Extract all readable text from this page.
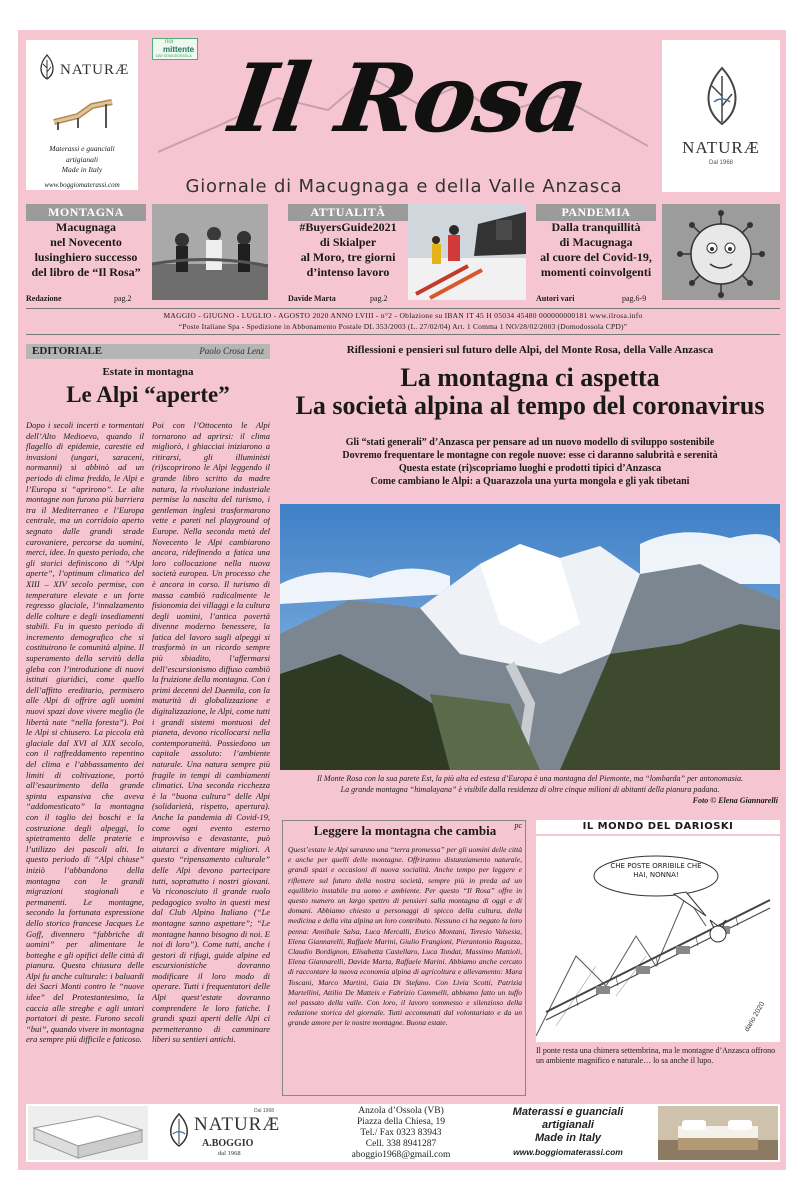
NATURÆ
Materassi e guanciali
artigianali
Made in Italy
www.boggiomaterassi.com
noi
mittente
DAY DOMODOSSOLA Il Rosa
Giornale di Macugnaga e della Valle Anzasca
NATURÆ
Dal 1968
MONTAGNA
Macugnaga
nel Novecento
lusinghiero successo
del libro de “Il Rosa”
Redazione	pag.2
ATTUALITÀ
#BuyersGuide2021
di Skialper
al Moro, tre giorni
d’intenso lavoro
Davide Marta	pag.2
PANDEMIA
Dalla tranquillità
di Macugnaga
al cuore del Covid-19,
momenti coinvolgenti
Autori vari	pag.6-9
MAGGIO - GIUGNO - LUGLIO - AGOSTO 2020 ANNO LVIII - n°2 - Oblazione su IBAN IT 45 H 05034 45480 000000000181 www.ilrosa.info
“Poste Italiane Spa - Spedizione in Abbonamento Postale DL 353/2003 (L. 27/02/04) Art. 1 Comma 1 NO/28/02/2003 (Domodossola CPD)”
EDITORIALE	Paolo Crosa Lenz
Estate in montagna
Le Alpi “aperte”
Dopo i secoli incerti e tormentati dell’Alto Medioevo, quando il flagello di epidemie, carestie ed invasioni (ungari, saraceni, normanni) si abbinò ad un periodo di clima freddo, le Alpi e l’Europa si “aprirono”. Le alte montagne non furono più barriera tra il Mediterraneo e l’Europa centrale, ma un corridoio aperto segnato dalle grandi strade carovaniere, percorse da uomini, merci, idee. In questo periodo, che gli storici definiscono di “Alpi aperte”, l’optimum climatico del XIII – XIV secolo permise, con temperature elevate e un forte regresso glaciale, l’innalzamento delle colture e degli insediamenti stabili. Fu in questo periodo di incremento demografico che si costituirono le comunità alpine. Il superamento della servitù della gleba con l’introduzione di nuovi istituti giuridici, come quello dell’affitto ereditario, permisero alle Alpi di offrire agli uomini nuovi spazi dove vivere meglio (le libertà nate “nella foresta”). Poi le Alpi si chiusero. La piccola età glaciale dal XVI al XIX secolo, con il raffreddamento repentino del clima e l’abbassamento dei limiti di coltivazione, portò all’esaurimento della grande spinta espansiva che aveva “addomesticato” la montagna con il taglio dei boschi e la costruzione degli alpeggi, lo spietramento delle praterie e l’utilizzo dei pascoli alti. In questo periodo di “Alpi chiuse” iniziò l’abbandono della montagna con le grandi migrazioni stagionali e permanenti. Le montagne, secondo la fortunata espressione dello storico francese Jacques Le Goff, divennero “fabbriche di uomini” per alimentare le botteghe e gli opifici delle città di pianura. Questa chiusura delle Alpi fu anche culturale: i baluardi dei Sacri Monti contro le “nuove idee” del Protestantesimo, la caccia alle streghe e agli untori portatori di peste. Furono secoli “bui”, quando vivere in montagna era sempre più difficile e faticoso.
Poi con l’Ottocento le Alpi tornarono ad aprirsi: il clima migliorò, i ghiacciai iniziarono a ritirarsi, gli illuministi (ri)scoprirono le Alpi leggendo il grande libro scritto da madre natura, la rivoluzione industriale permise la nascita del turismo, i gentleman inglesi trasformarono vette e pareti nel playground of Europe. Nella seconda metà del Novecento le Alpi cambiarono ancora, ridefinendo a fatica una loro collocazione nella nuova società europea. Un processo che è ancora in corso. Il turismo di massa cambiò radicalmente le fisionomia dei villaggi e la cultura degli uomini, l’antica povertà divenne moderno benessere, la fatica del lavoro sugli alpeggi si trasformò in un ricordo sempre più sbiadito, l’affermarsi dell’escursionismo diffuso cambiò la fruizione della montagna. Con i primi decenni del Duemila, con la maturità di globalizzazione e digitalizzazione, le Alpi, come tutti i grandi sistemi montuosi del pianeta, devono ricollocarsi nella contemporaneità. Possiedono un capitale assoluto: l’ambiente naturale. Una natura sempre più fragile in tempi di cambiamenti climatici. Una seconda ricchezza è la “buona cultura” delle Alpi (solidarietà, rispetto, apertura). Anche la pandemia di Covid-19, come ogni evento esterno improvviso e devastante, può aiutarci a diventare migliori. A questo “ripensamento culturale” delle Alpi devono partecipare tutti, soprattutto i nostri giovani. Va riconosciuto il grande ruolo pedagogico svolto in questi mesi dal Club Alpino Italiano (“Le montagne sanno aspettare”; “Le montagne hanno bisogno di noi. E noi di loro”). Come tutti, anche i gestori di rifugi, guide alpine ed escursionistiche dovranno modificare il loro modo di operare. Tutti i frequentatori delle Alpi quest’estate dovranno comprendere le loro fatiche. I grandi spazi aperti delle Alpi ci permetteranno di camminare liberi su sentieri antichi.
Riflessioni e pensieri sul futuro delle Alpi, del Monte Rosa, della Valle Anzasca
La montagna ci aspetta
La società alpina al tempo del coronavirus
Gli “stati generali” d’Anzasca per pensare ad un nuovo modello di sviluppo sostenibile
Dovremo frequentare le montagne con regole nuove: esse ci daranno salubrità e serenità
Questa estate (ri)scopriamo luoghi e prodotti tipici d’Anzasca
Come cambiano le Alpi: a Quarazzola una yurta mongola e gli yak tibetani
Il Monte Rosa con la sua parete Est, la più alta ed estesa d’Europa è una montagna del Piemonte, ma “lombarda” per antonomasia.
La grande montagna “himalayana” è visibile dalla residenza di oltre cinque milioni di abitanti della pianura padana.
Foto © Elena Giannarelli
Leggere la montagna che cambia	pc
Quest’estate le Alpi saranno una “terra promessa” per gli uomini delle città e anche per quelli delle montagne. Offriranno distanziamento naturale, grandi spazi e occasioni di nuova socialità. Anche tempo per leggere e riflettere sul futuro della nostra società, sempre più in preda ad un equilibrio instabile tra uomo e ambiente. Per questo “Il Rosa” offre in questo numero un largo spettro di pensieri sulla montagna di oggi e di domani. Abbiamo chiesto a personaggi di spicco della cultura, della medicina e della vita alpina un loro contributo. Nessuno ci ha negato la loro penna: Annibale Salsa, Luca Mercalli, Enrico Montani, Teresio Valsesia, Elena Giannarelli, Raffaele Marini, Giulio Frangioni, Pierantonio Ragozza, Claudio Bordignon, Elisabetta Castellaro, Luca Tondat, Massimo Mattioli, Elena Giannarelli, Davide Marta, Raffaele Marini. Abbiamo anche cercato di raccontare la nuova economia alpina di agricoltura e allevamento: Mara Toscani, Marco Martini, Gaia Di Stefano. Con Livia Scotti, Patrizia Martellini, Attilio De Matteis e Fabrizio Cammelli, abbiamo fatto un tuffo nel passato della valle. Con loro, il lavoro sommesso e silenzioso della redazione storica del giornale. Tutti accomunati dal volontariato e da un grande amore per le nostre montagne. Buona estate.
IL MONDO DEL DARIOSKI
dario 2020
CHE POSTE ORRIBILE CHE HAI, NONNA!
Il ponte resta una chimera settembrina, ma le montagne d’Anzasca offrono un ambiente magnifico e naturale… lo sa anche il lupo.
NATURÆ
Dal 1968
A.BOGGIO
dal 1968
Anzola d’Ossola (VB)
Piazza della Chiesa, 19
Tel./ Fax 0323 83943
Cell. 338 8941287
aboggio1968@gmail.com
Materassi e guanciali
artigianali
Made in Italy
www.boggiomaterassi.com
